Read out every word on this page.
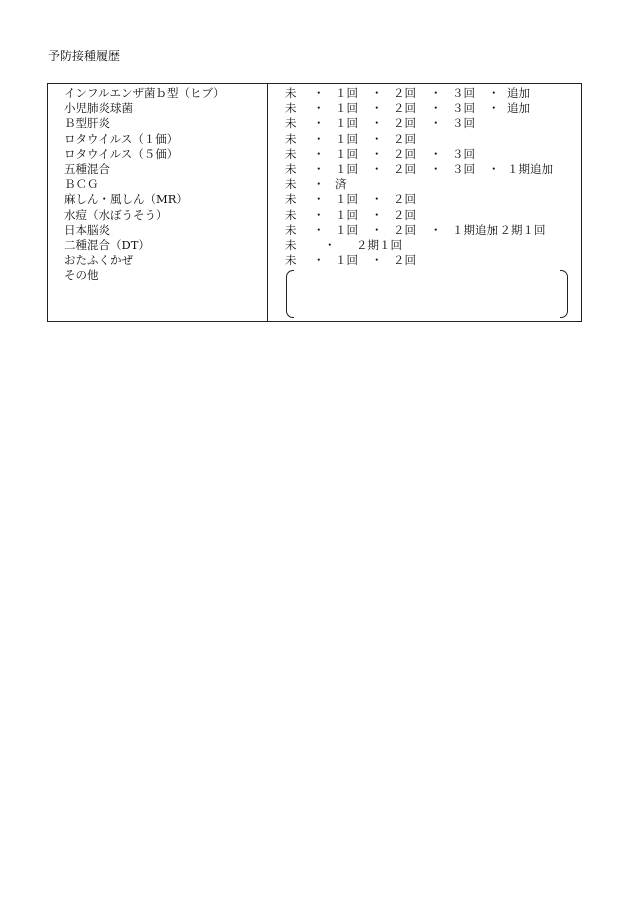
予防接種履歴
インフルエンザ菌ｂ型（ヒブ）
小児肺炎球菌
Ｂ型肝炎
ロタウイルス（１価）
ロタウイルス（５価）
五種混合
ＢＣＧ
麻しん・風しん（MR）
水痘（水ぼうそう）
日本脳炎
二種混合（DT）
おたふくかぜ
その他
未 ・ １回 ・ ２回 ・ ３回 ・ 追加
未 ・ １回 ・ ２回 ・ ３回 ・ 追加
未 ・ １回 ・ ２回 ・ ３回
未 ・ １回 ・ ２回
未 ・ １回 ・ ２回 ・ ３回
未 ・ １回 ・ ２回 ・ ３回 ・ １期追加
未 ・ 済
未 ・ １回 ・ ２回
未 ・ １回 ・ ２回
未 ・ １回 ・ ２回 ・ １期追加
・２期１回
未 ・ ２期１回
未 ・ １回 ・ ２回
